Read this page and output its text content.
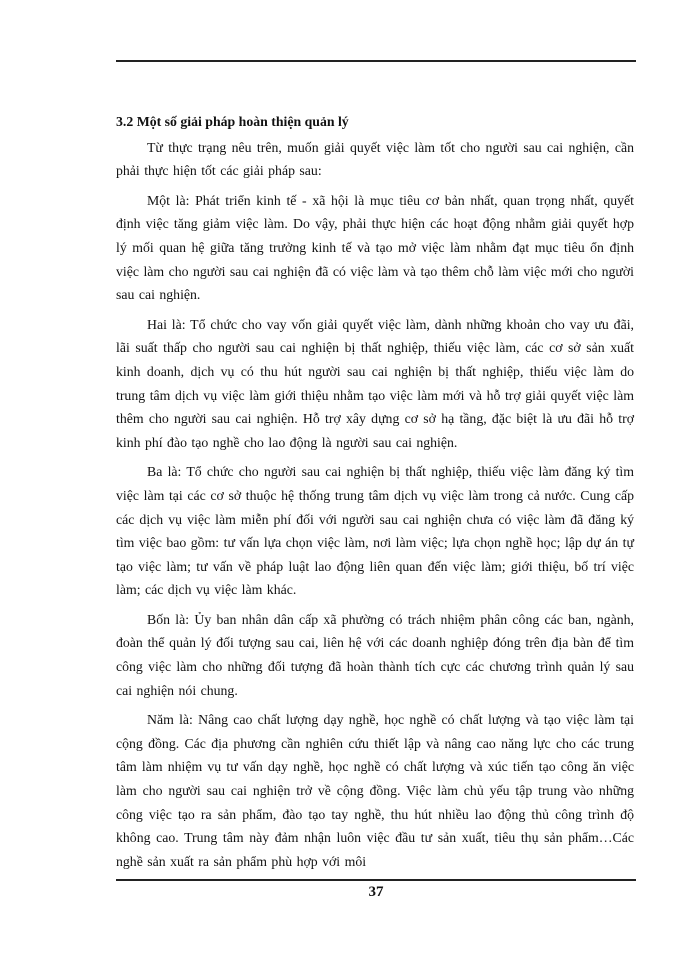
3.2 Một số giải pháp hoàn thiện quản lý

Từ thực trạng nêu trên, muốn giải quyết việc làm tốt cho người sau cai nghiện, cần phải thực hiện tốt các giải pháp sau:

Một là: Phát triển kinh tế - xã hội là mục tiêu cơ bản nhất, quan trọng nhất, quyết định việc tăng giảm việc làm. Do vậy, phải thực hiện các hoạt động nhằm giải quyết hợp lý mối quan hệ giữa tăng trưởng kinh tế và tạo mở việc làm nhằm đạt mục tiêu ổn định việc làm cho người sau cai nghiện đã có việc làm và tạo thêm chỗ làm việc mới cho người sau cai nghiện.

Hai là: Tổ chức cho vay vốn giải quyết việc làm, dành những khoản cho vay ưu đãi, lãi suất thấp cho người sau cai nghiện bị thất nghiệp, thiếu việc làm, các cơ sở sản xuất kinh doanh, dịch vụ có thu hút người sau cai nghiện bị thất nghiệp, thiếu việc làm do trung tâm dịch vụ việc làm giới thiệu nhằm tạo việc làm mới và hỗ trợ giải quyết việc làm thêm cho người sau cai nghiện. Hỗ trợ xây dựng cơ sở hạ tầng, đặc biệt là ưu đãi hỗ trợ kinh phí đào tạo nghề cho lao động là người sau cai nghiện.

Ba là: Tổ chức cho người sau cai nghiện bị thất nghiệp, thiếu việc làm đăng ký tìm việc làm tại các cơ sở thuộc hệ thống trung tâm dịch vụ việc làm trong cả nước. Cung cấp các dịch vụ việc làm miễn phí đối với người sau cai nghiện chưa có việc làm đã đăng ký tìm việc bao gồm: tư vấn lựa chọn việc làm, nơi làm việc; lựa chọn nghề học; lập dự án tự tạo việc làm; tư vấn về pháp luật lao động liên quan đến việc làm; giới thiệu, bố trí việc làm; các dịch vụ việc làm khác.

Bốn là: Ủy ban nhân dân cấp xã phường có trách nhiệm phân công các ban, ngành, đoàn thể quản lý đối tượng sau cai, liên hệ với các doanh nghiệp đóng trên địa bàn để tìm công việc làm cho những đối tượng đã hoàn thành tích cực các chương trình quản lý sau cai nghiện nói chung.

Năm là: Nâng cao chất lượng dạy nghề, học nghề có chất lượng và tạo việc làm tại cộng đồng. Các địa phương cần nghiên cứu thiết lập và nâng cao năng lực cho các trung tâm làm nhiệm vụ tư vấn dạy nghề, học nghề có chất lượng và xúc tiến tạo công ăn việc làm cho người sau cai nghiện trở về cộng đồng. Việc làm chủ yếu tập trung vào những công việc tạo ra sản phẩm, đào tạo tay nghề, thu hút nhiều lao động thủ công trình độ không cao. Trung tâm này đảm nhận luôn việc đầu tư sản xuất, tiêu thụ sản phẩm…Các nghề sản xuất ra sản phẩm phù hợp với môi

37
